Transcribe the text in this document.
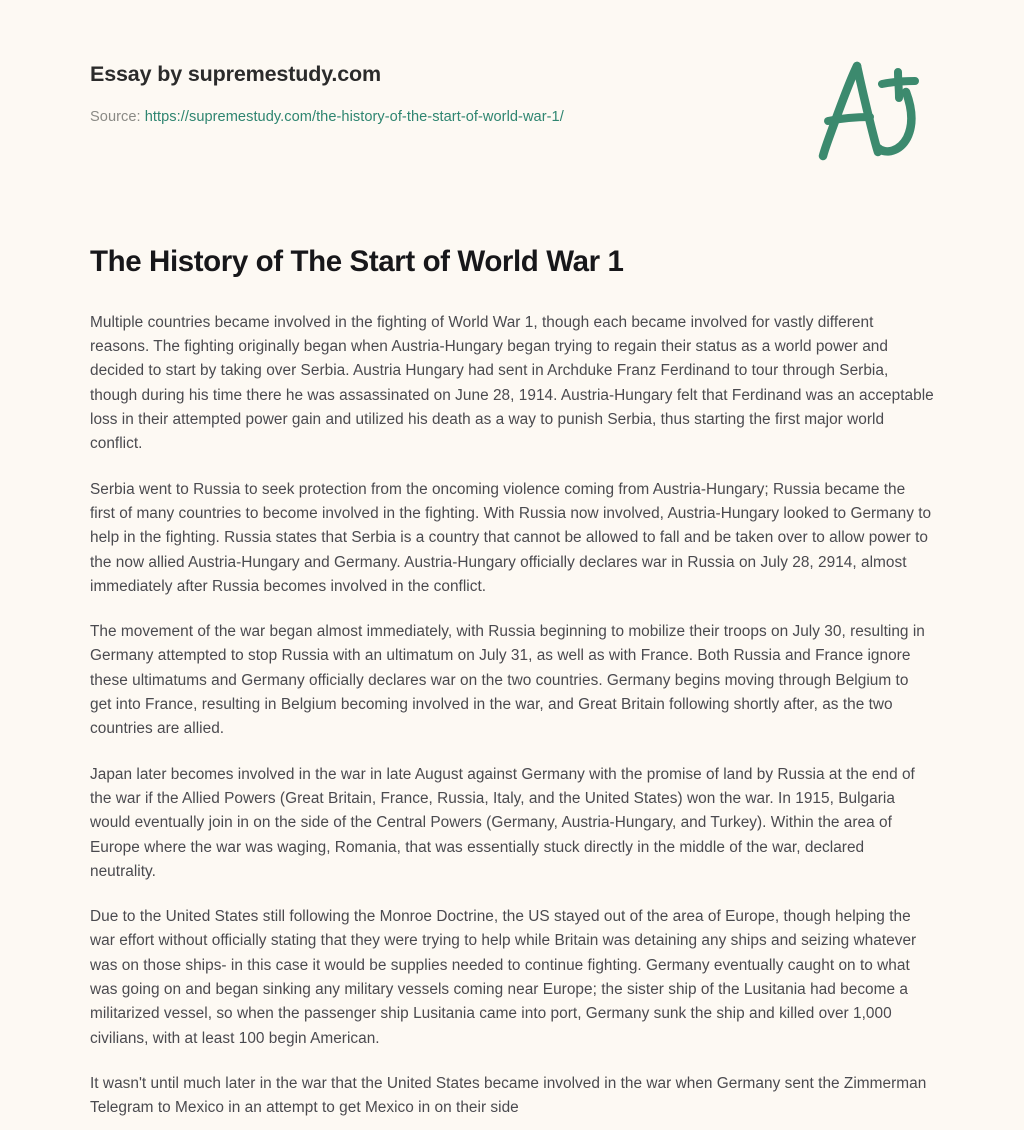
Essay by supremestudy.com

Source: https://supremestudy.com/the-history-of-the-start-of-world-war-1/

The History of The Start of World War 1

Multiple countries became involved in the fighting of World War 1, though each became involved for vastly different reasons. The fighting originally began when Austria-Hungary began trying to regain their status as a world power and decided to start by taking over Serbia. Austria Hungary had sent in Archduke Franz Ferdinand to tour through Serbia, though during his time there he was assassinated on June 28, 1914. Austria-Hungary felt that Ferdinand was an acceptable loss in their attempted power gain and utilized his death as a way to punish Serbia, thus starting the first major world conflict.

Serbia went to Russia to seek protection from the oncoming violence coming from Austria-Hungary; Russia became the first of many countries to become involved in the fighting. With Russia now involved, Austria-Hungary looked to Germany to help in the fighting. Russia states that Serbia is a country that cannot be allowed to fall and be taken over to allow power to the now allied Austria-Hungary and Germany. Austria-Hungary officially declares war in Russia on July 28, 2914, almost immediately after Russia becomes involved in the conflict.

The movement of the war began almost immediately, with Russia beginning to mobilize their troops on July 30, resulting in Germany attempted to stop Russia with an ultimatum on July 31, as well as with France. Both Russia and France ignore these ultimatums and Germany officially declares war on the two countries. Germany begins moving through Belgium to get into France, resulting in Belgium becoming involved in the war, and Great Britain following shortly after, as the two countries are allied.

Japan later becomes involved in the war in late August against Germany with the promise of land by Russia at the end of the war if the Allied Powers (Great Britain, France, Russia, Italy, and the United States) won the war. In 1915, Bulgaria would eventually join in on the side of the Central Powers (Germany, Austria-Hungary, and Turkey). Within the area of Europe where the war was waging, Romania, that was essentially stuck directly in the middle of the war, declared neutrality.

Due to the United States still following the Monroe Doctrine, the US stayed out of the area of Europe, though helping the war effort without officially stating that they were trying to help while Britain was detaining any ships and seizing whatever was on those ships- in this case it would be supplies needed to continue fighting. Germany eventually caught on to what was going on and began sinking any military vessels coming near Europe; the sister ship of the Lusitania had become a militarized vessel, so when the passenger ship Lusitania came into port, Germany sunk the ship and killed over 1,000 civilians, with at least 100 begin American.

It wasn't until much later in the war that the United States became involved in the war when Germany sent the Zimmerman Telegram to Mexico in an attempt to get Mexico in on their side
